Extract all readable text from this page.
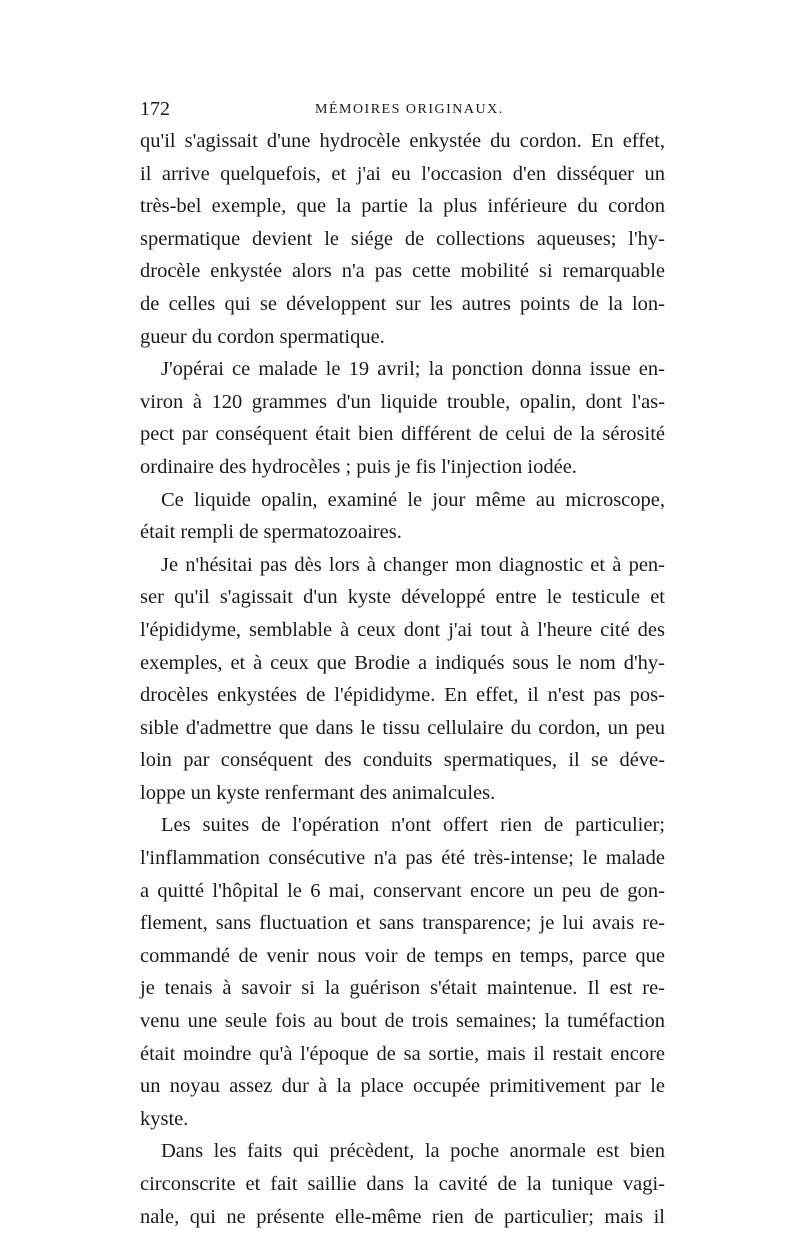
172	MÉMOIRES ORIGINAUX.
qu'il s'agissait d'une hydrocèle enkystée du cordon. En effet,
il arrive quelquefois, et j'ai eu l'occasion d'en disséquer un
très-bel exemple, que la partie la plus inférieure du cordon
spermatique devient le siége de collections aqueuses; l'hy-
drocèle enkystée alors n'a pas cette mobilité si remarquable
de celles qui se développent sur les autres points de la lon-
gueur du cordon spermatique.
J'opérai ce malade le 19 avril; la ponction donna issue en-
viron à 120 grammes d'un liquide trouble, opalin, dont l'as-
pect par conséquent était bien différent de celui de la sérosité
ordinaire des hydrocèles ; puis je fis l'injection iodée.
Ce liquide opalin, examiné le jour même au microscope,
était rempli de spermatozoaires.
Je n'hésitai pas dès lors à changer mon diagnostic et à pen-
ser qu'il s'agissait d'un kyste développé entre le testicule et
l'épididyme, semblable à ceux dont j'ai tout à l'heure cité des
exemples, et à ceux que Brodie a indiqués sous le nom d'hy-
drocèles enkystées de l'épididyme. En effet, il n'est pas pos-
sible d'admettre que dans le tissu cellulaire du cordon, un peu
loin par conséquent des conduits spermatiques, il se déve-
loppe un kyste renfermant des animalcules.
Les suites de l'opération n'ont offert rien de particulier;
l'inflammation consécutive n'a pas été très-intense; le malade
a quitté l'hôpital le 6 mai, conservant encore un peu de gon-
flement, sans fluctuation et sans transparence; je lui avais re-
commandé de venir nous voir de temps en temps, parce que
je tenais à savoir si la guérison s'était maintenue. Il est re-
venu une seule fois au bout de trois semaines; la tuméfaction
était moindre qu'à l'époque de sa sortie, mais il restait encore
un noyau assez dur à la place occupée primitivement par le
kyste.
Dans les faits qui précèdent, la poche anormale est bien
circonscrite et fait saillie dans la cavité de la tunique vagi-
nale, qui ne présente elle-même rien de particulier; mais il
